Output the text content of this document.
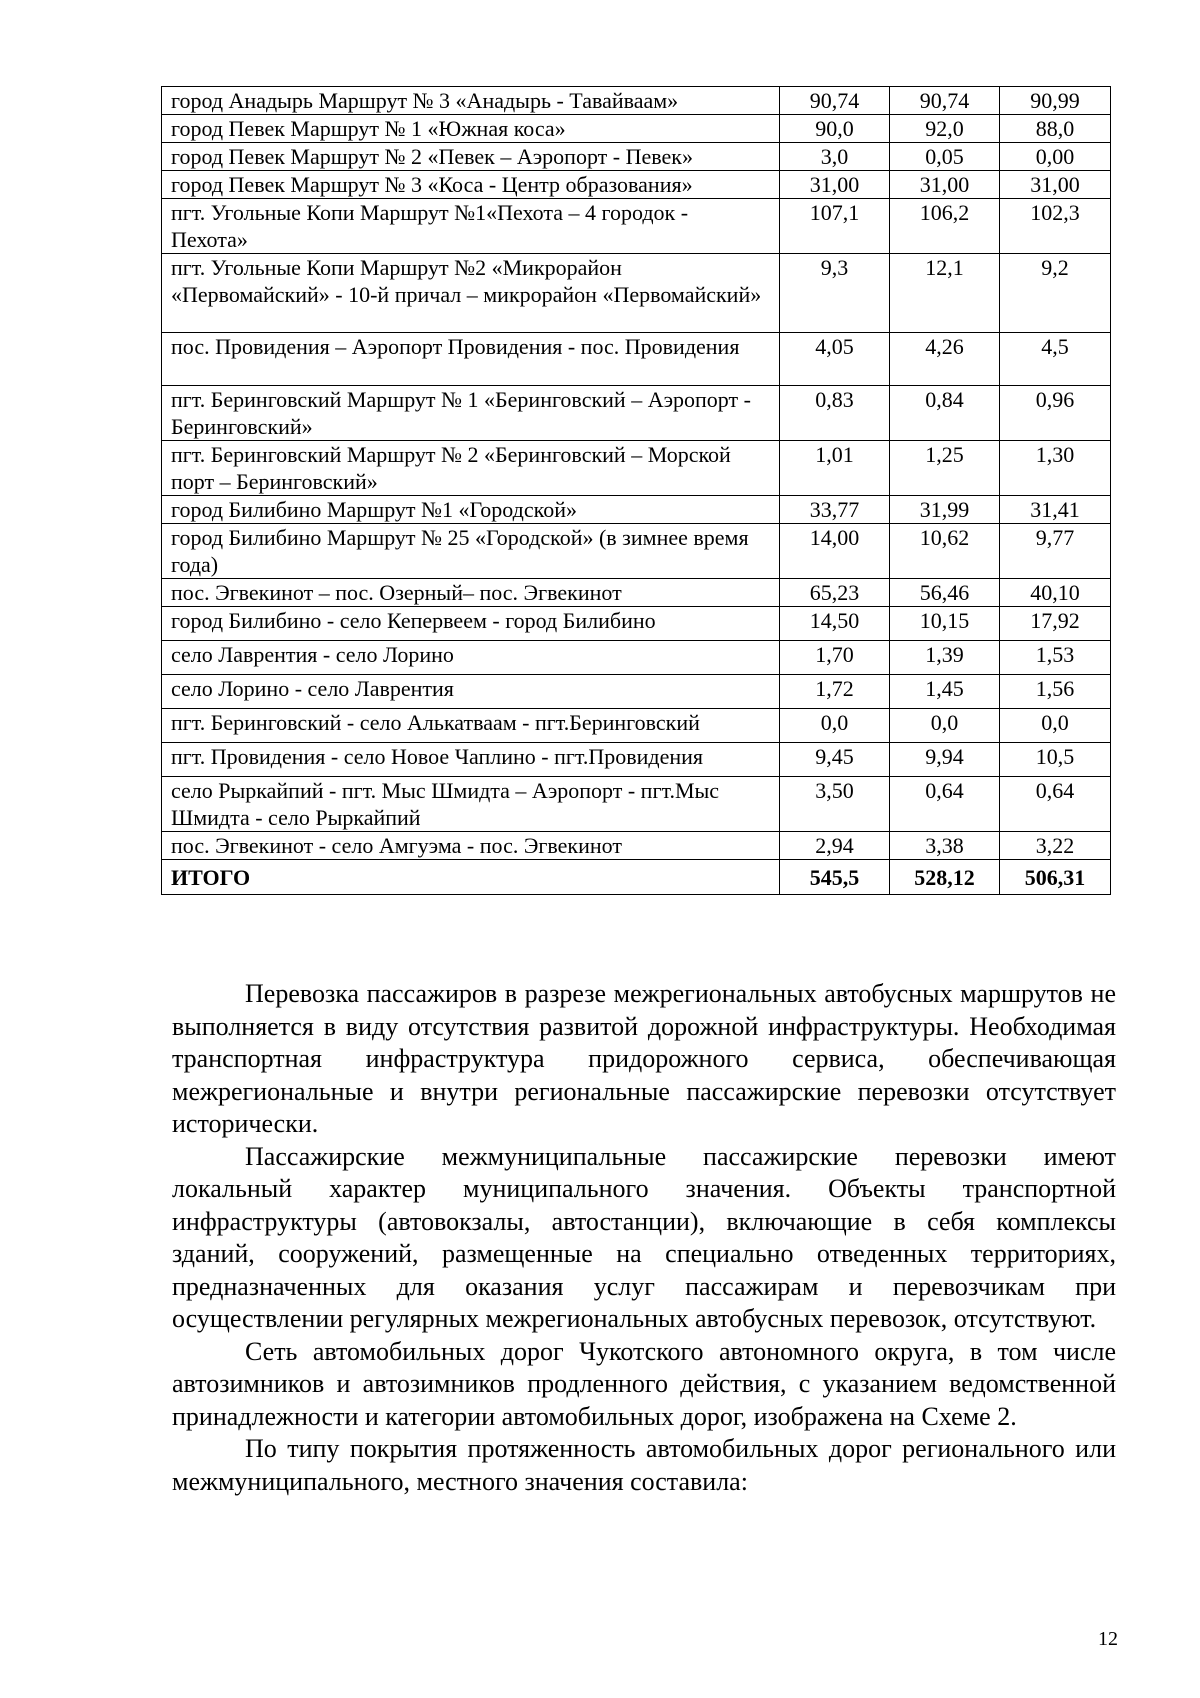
город Анадырь Маршрут № 3 «Анадырь - Тавайваам»	90,74	90,74	90,99
город Певек Маршрут № 1 «Южная коса»	90,0	92,0	88,0
город Певек Маршрут № 2 «Певек – Аэропорт - Певек»	3,0	0,05	0,00
город Певек Маршрут № 3 «Коса - Центр образования»	31,00	31,00	31,00
пгт. Угольные Копи Маршрут №1«Пехота – 4 городок - Пехота»	107,1	106,2	102,3
пгт. Угольные Копи Маршрут №2 «Микрорайон «Первомайский» - 10-й причал – микрорайон «Первомайский»	9,3	12,1	9,2
пос. Провидения – Аэропорт Провидения - пос. Провидения	4,05	4,26	4,5
пгт. Беринговский Маршрут № 1 «Беринговский – Аэропорт - Беринговский»	0,83	0,84	0,96
пгт. Беринговский Маршрут № 2 «Беринговский – Морской порт – Беринговский»	1,01	1,25	1,30
город Билибино Маршрут №1 «Городской»	33,77	31,99	31,41
город Билибино Маршрут № 25 «Городской» (в зимнее время года)	14,00	10,62	9,77
пос. Эгвекинот – пос. Озерный– пос. Эгвекинот	65,23	56,46	40,10
город Билибино - село Кепервеем - город Билибино	14,50	10,15	17,92
село Лаврентия - село Лорино	1,70	1,39	1,53
село Лорино - село Лаврентия	1,72	1,45	1,56
пгт. Беринговский - село Алькатваам - пгт.Беринговский	0,0	0,0	0,0
пгт. Провидения - село Новое Чаплино - пгт.Провидения	9,45	9,94	10,5
село Рыркайпий - пгт. Мыс Шмидта – Аэропорт - пгт.Мыс Шмидта - село Рыркайпий	3,50	0,64	0,64
пос. Эгвекинот - село Амгуэма - пос. Эгвекинот	2,94	3,38	3,22
ИТОГО	545,5	528,12	506,31

Перевозка пассажиров в разрезе межрегиональных автобусных маршрутов не выполняется в виду отсутствия развитой дорожной инфраструктуры. Необходимая транспортная инфраструктура придорожного сервиса, обеспечивающая межрегиональные и внутри региональные пассажирские перевозки отсутствует исторически.

Пассажирские межмуниципальные пассажирские перевозки имеют локальный характер муниципального значения. Объекты транспортной инфраструктуры (автовокзалы, автостанции), включающие в себя комплексы зданий, сооружений, размещенные на специально отведенных территориях, предназначенных для оказания услуг пассажирам и перевозчикам при осуществлении регулярных межрегиональных автобусных перевозок, отсутствуют.

Сеть автомобильных дорог Чукотского автономного округа, в том числе автозимников и автозимников продленного действия, с указанием ведомственной принадлежности и категории автомобильных дорог, изображена на Схеме 2.

По типу покрытия протяженность автомобильных дорог регионального или межмуниципального, местного значения составила:

12
